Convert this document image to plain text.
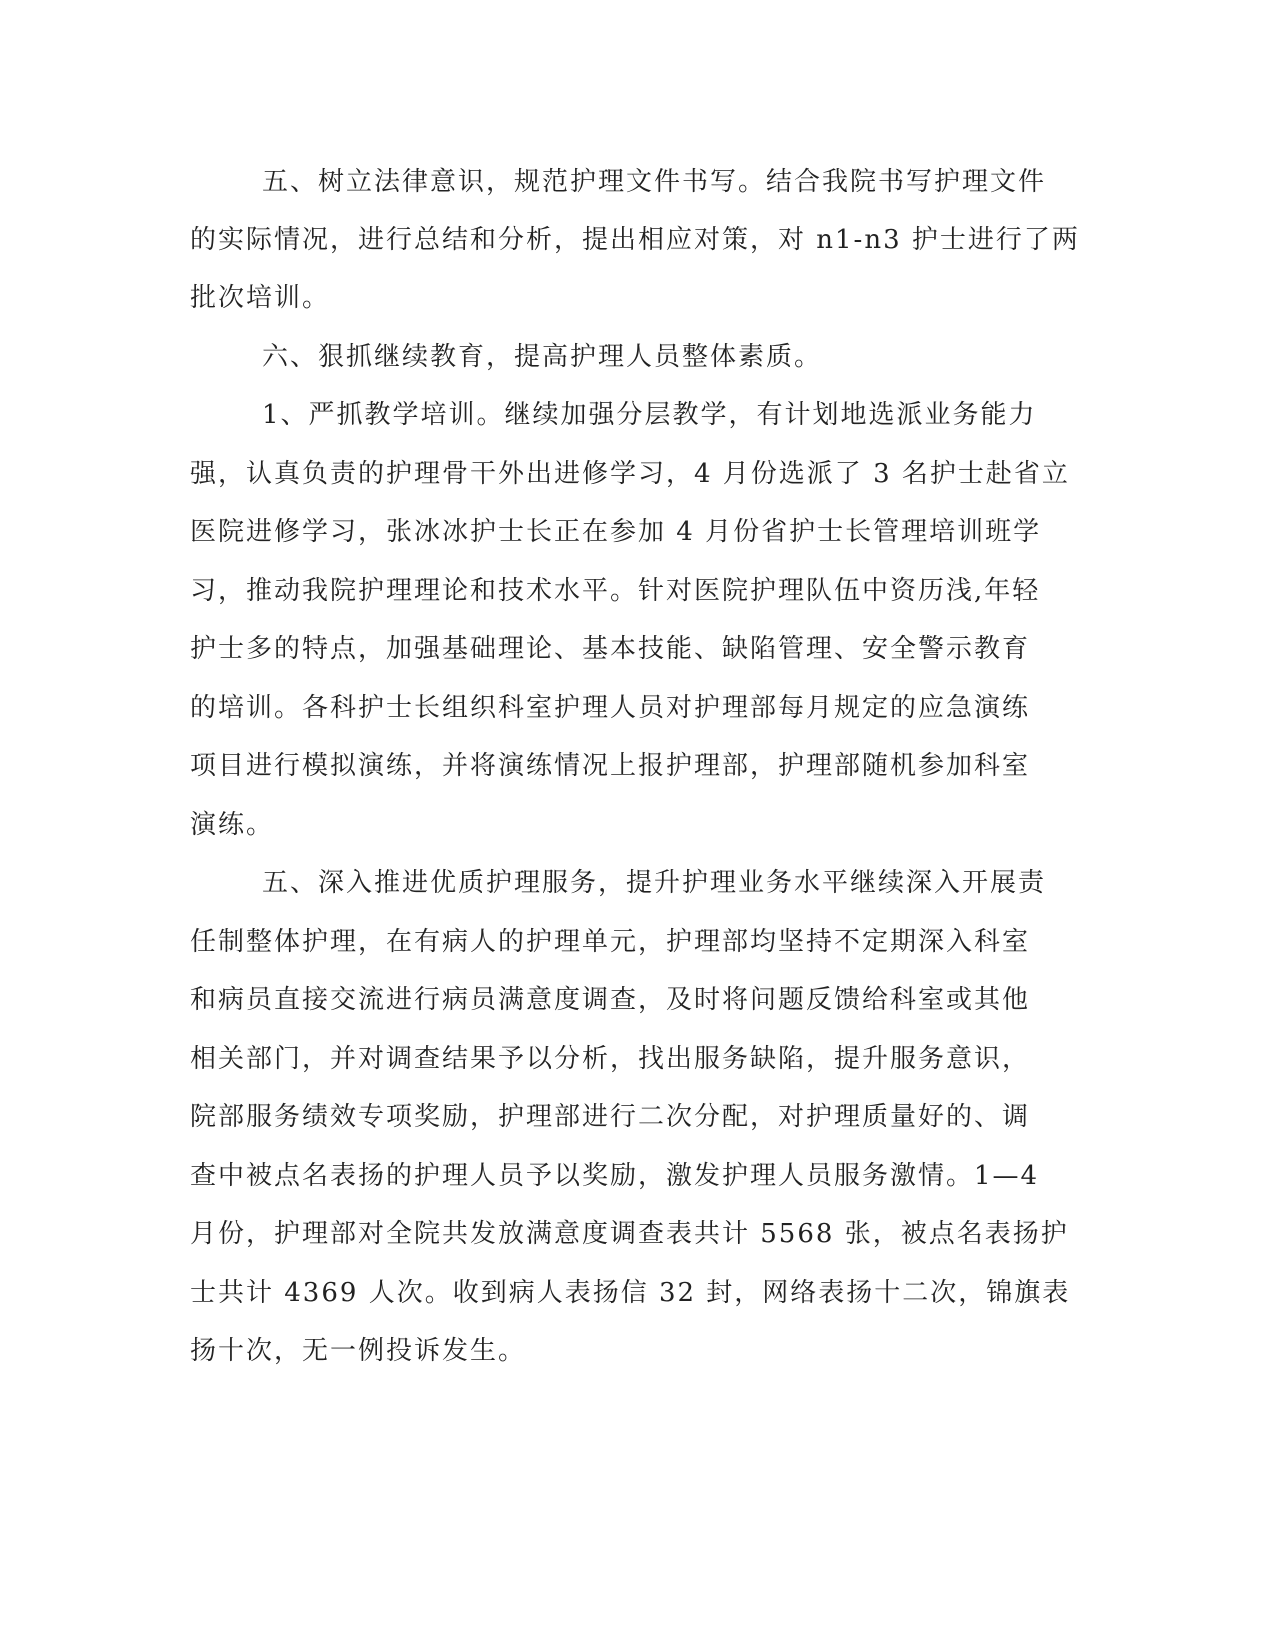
五、树立法律意识，规范护理文件书写。结合我院书写护理文件

的实际情况，进行总结和分析，提出相应对策，对 n1-n3 护士进行了两

批次培训。

六、狠抓继续教育，提高护理人员整体素质。

1、严抓教学培训。继续加强分层教学，有计划地选派业务能力

强，认真负责的护理骨干外出进修学习，4 月份选派了 3 名护士赴省立

医院进修学习，张冰冰护士长正在参加 4 月份省护士长管理培训班学

习，推动我院护理理论和技术水平。针对医院护理队伍中资历浅,年轻

护士多的特点，加强基础理论、基本技能、缺陷管理、安全警示教育

的培训。各科护士长组织科室护理人员对护理部每月规定的应急演练

项目进行模拟演练，并将演练情况上报护理部，护理部随机参加科室

演练。

五、深入推进优质护理服务，提升护理业务水平继续深入开展责

任制整体护理，在有病人的护理单元，护理部均坚持不定期深入科室

和病员直接交流进行病员满意度调查，及时将问题反馈给科室或其他

相关部门，并对调查结果予以分析，找出服务缺陷，提升服务意识，

院部服务绩效专项奖励，护理部进行二次分配，对护理质量好的、调

查中被点名表扬的护理人员予以奖励，激发护理人员服务激情。1—4

月份，护理部对全院共发放满意度调查表共计 5568 张，被点名表扬护

士共计 4369 人次。收到病人表扬信 32 封，网络表扬十二次，锦旗表

扬十次，无一例投诉发生。
